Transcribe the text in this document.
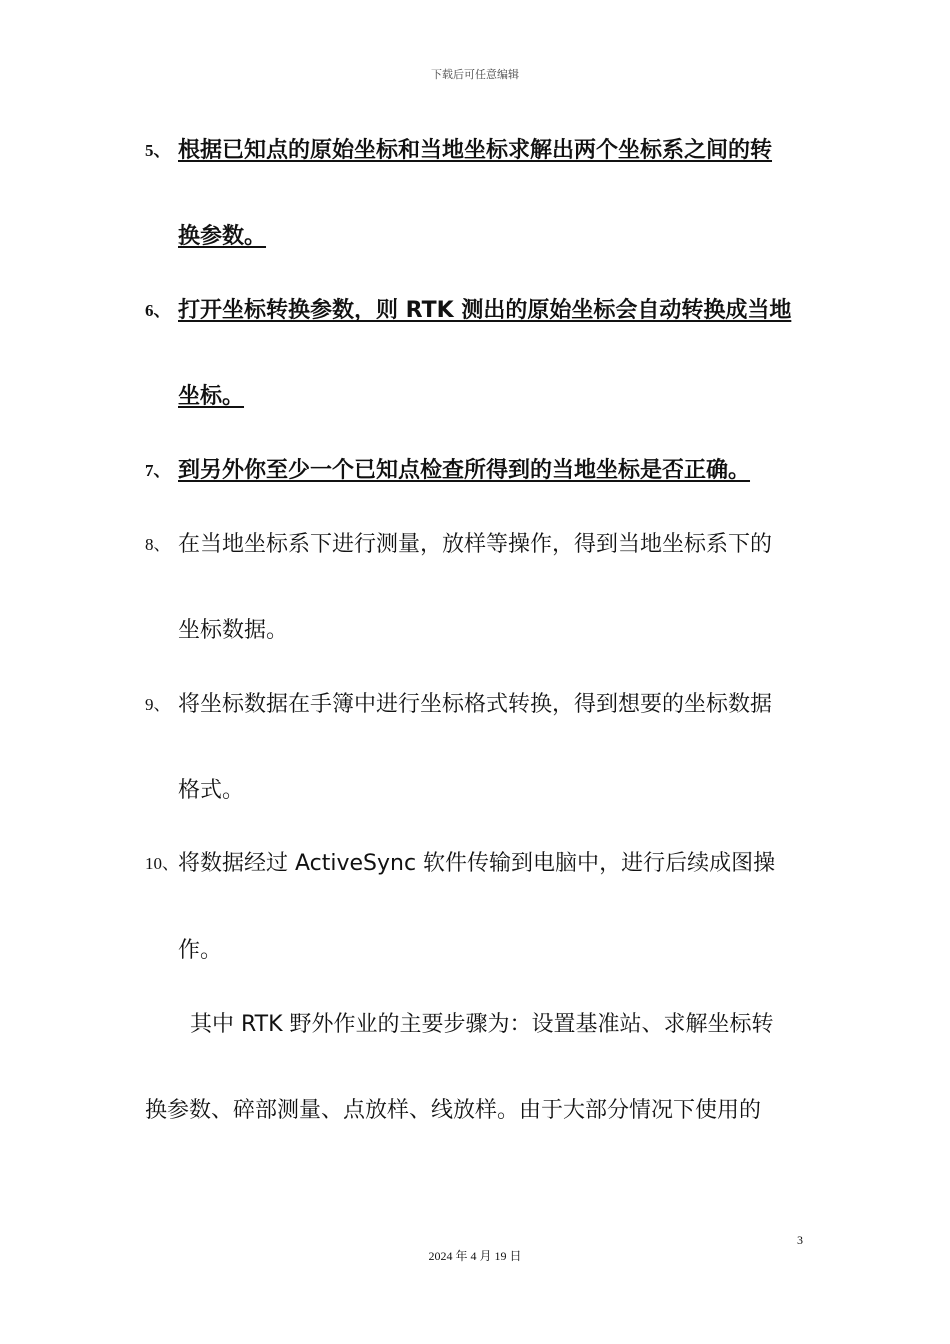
下载后可任意编辑
5、 根据已知点的原始坐标和当地坐标求解出两个坐标系之间的转
换参数。
6、 打开坐标转换参数，则 RTK 测出的原始坐标会自动转换成当地
坐标。
7、 到另外你至少一个已知点检查所得到的当地坐标是否正确。
8、 在当地坐标系下进行测量，放样等操作，得到当地坐标系下的
坐标数据。
9、 将坐标数据在手簿中进行坐标格式转换，得到想要的坐标数据
格式。
10、 将数据经过 ActiveSync 软件传输到电脑中，进行后续成图操
作。
其中 RTK 野外作业的主要步骤为：设置基准站、求解坐标转
换参数、碎部测量、点放样、线放样。由于大部分情况下使用的
3
2024 年 4 月 19 日
